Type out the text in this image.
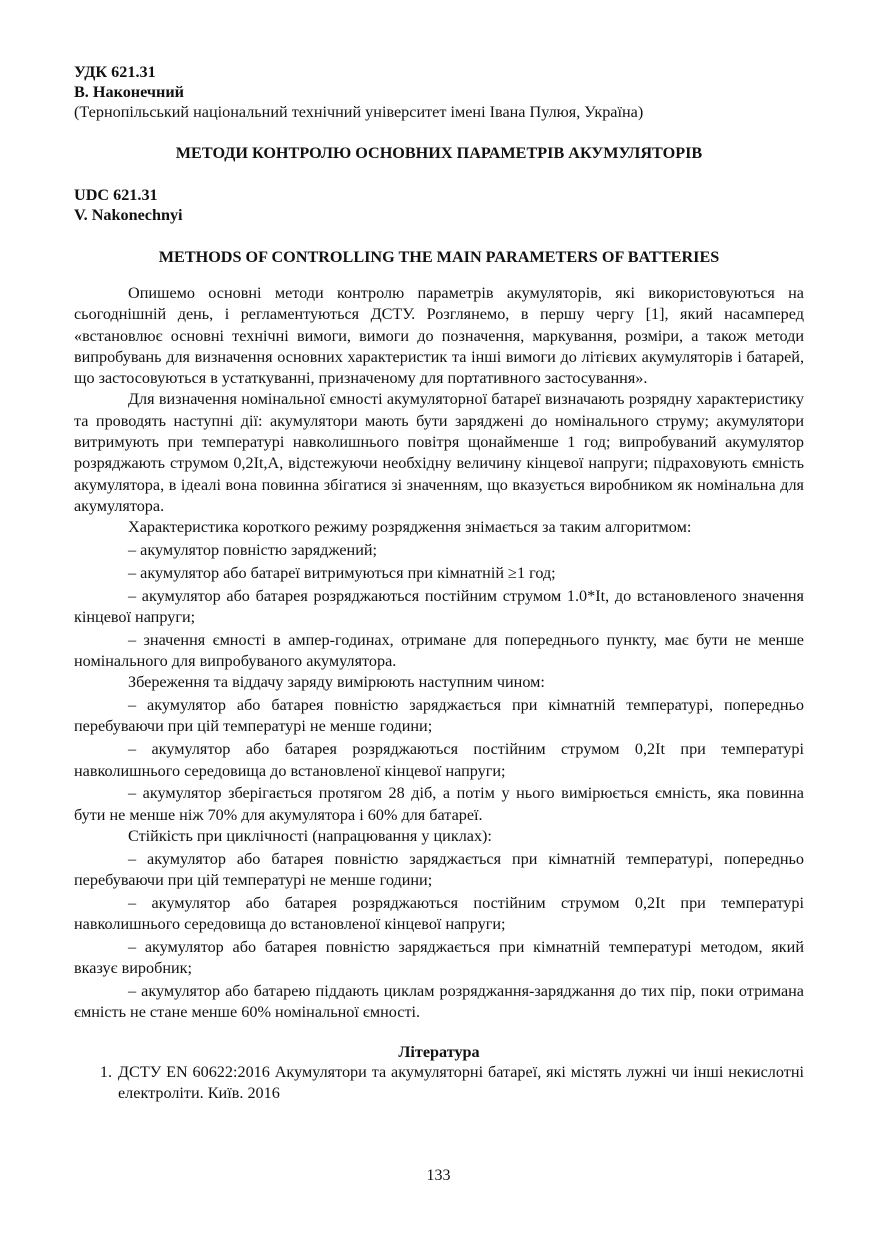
УДК 621.31

В. Наконечний

(Тернопільський національний технічний університет імені Івана Пулюя, Україна)

МЕТОДИ КОНТРОЛЮ ОСНОВНИХ ПАРАМЕТРІВ АКУМУЛЯТОРІВ

UDC 621.31

V. Nakonechnyi

METHODS OF CONTROLLING THE MAIN PARAMETERS OF BATTERIES

Опишемо основні методи контролю параметрів акумуляторів, які використовуються на сьогоднішній день, і регламентуються ДСТУ. Розглянемо, в першу чергу [1], який насамперед «встановлює основні технічні вимоги, вимоги до позначення, маркування, розміри, а також методи випробувань для визначення основних характеристик та інші вимоги до літієвих акумуляторів і батарей, що застосовуються в устаткуванні, призначеному для портативного застосування».

Для визначення номінальної ємності акумуляторної батареї визначають розрядну характеристику та проводять наступні дії: акумулятори мають бути заряджені до номінального струму; акумулятори витримують при температурі навколишнього повітря щонайменше 1 год; випробуваний акумулятор розряджають струмом 0,2It,A, відстежуючи необхідну величину кінцевої напруги; підраховують ємність акумулятора, в ідеалі вона повинна збігатися зі значенням, що вказується виробником як номінальна для акумулятора.

Характеристика короткого режиму розрядження знімається за таким алгоритмом:

– акумулятор повністю заряджений;

– акумулятор або батареї витримуються при кімнатній ≥1 год;

– акумулятор або батарея розряджаються постійним струмом 1.0*It, до встановленого значення кінцевої напруги;

– значення ємності в ампер-годинах, отримане для попереднього пункту, має бути не менше номінального для випробуваного акумулятора.

Збереження та віддачу заряду вимірюють наступним чином:

– акумулятор або батарея повністю заряджається при кімнатній температурі, попередньо перебуваючи при цій температурі не менше години;

– акумулятор або батарея розряджаються постійним струмом 0,2It при температурі навколишнього середовища до встановленої кінцевої напруги;

– акумулятор зберігається протягом 28 діб, а потім у нього вимірюється ємність, яка повинна бути не менше ніж 70% для акумулятора і 60% для батареї.

Стійкість при циклічності (напрацювання у циклах):

– акумулятор або батарея повністю заряджається при кімнатній температурі, попередньо перебуваючи при цій температурі не менше години;

– акумулятор або батарея розряджаються постійним струмом 0,2It при температурі навколишнього середовища до встановленої кінцевої напруги;

– акумулятор або батарея повністю заряджається при кімнатній температурі методом, який вказує виробник;

– акумулятор або батарею піддають циклам розряджання-заряджання до тих пір, поки отримана ємність не стане менше 60% номінальної ємності.

Література

1. ДСТУ EN 60622:2016 Акумулятори та акумуляторні батареї, які містять лужні чи інші некислотні електроліти. Київ. 2016
133
